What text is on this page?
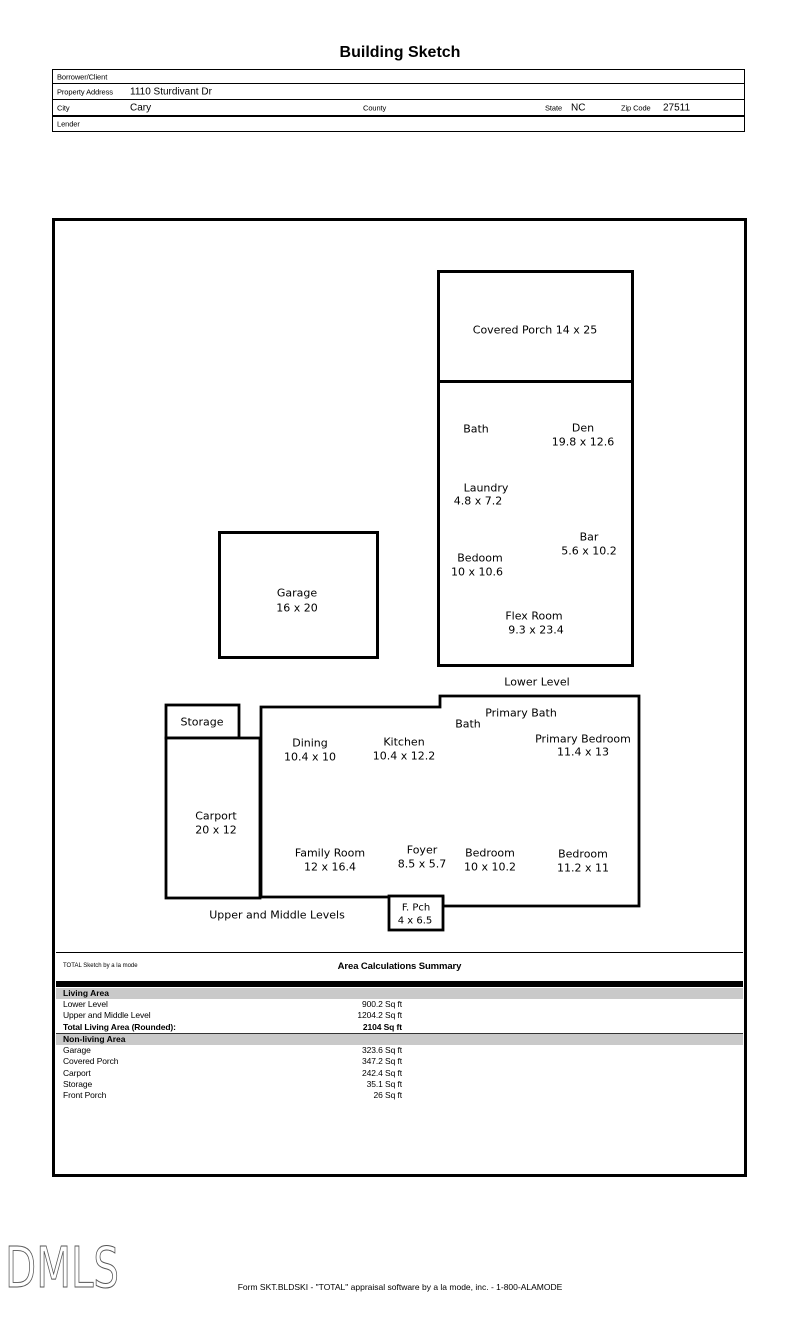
Building Sketch
Borrower/Client
Property Address 1110 Sturdivant Dr
City	Cary	County	State NC	Zip Code 27511
Lender
Covered Porch 14 x 25
Bath	Den
19.8 x 12.6
Laundry
4.8 x 7.2
Bedoom
10 x 10.6
Bar
5.6 x 10.2
Flex Room
9.3 x 23.4
Garage
16 x 20
Lower Level
Storage
Carport
20 x 12
Dining
10.4 x 10
Kitchen
10.4 x 12.2
Bath
Primary Bath
Primary Bedroom
11.4 x 13
Family Room
12 x 16.4
Foyer
8.5 x 5.7
Bedroom
10 x 10.2
Bedroom
11.2 x 11
Upper and Middle Levels
F. Pch
4 x 6.5
TOTAL Sketch by a la mode	Area Calculations Summary
Living Area
Lower Level	900.2 Sq ft
Upper and Middle Level	1204.2 Sq ft
Total Living Area (Rounded):	2104 Sq ft
Non-living Area
Garage	323.6 Sq ft
Covered Porch	347.2 Sq ft
Carport	242.4 Sq ft
Storage	35.1 Sq ft
Front Porch	26 Sq ft
DMLS	Form SKT.BLDSKI - "TOTAL" appraisal software by a la mode, inc. - 1-800-ALAMODE
